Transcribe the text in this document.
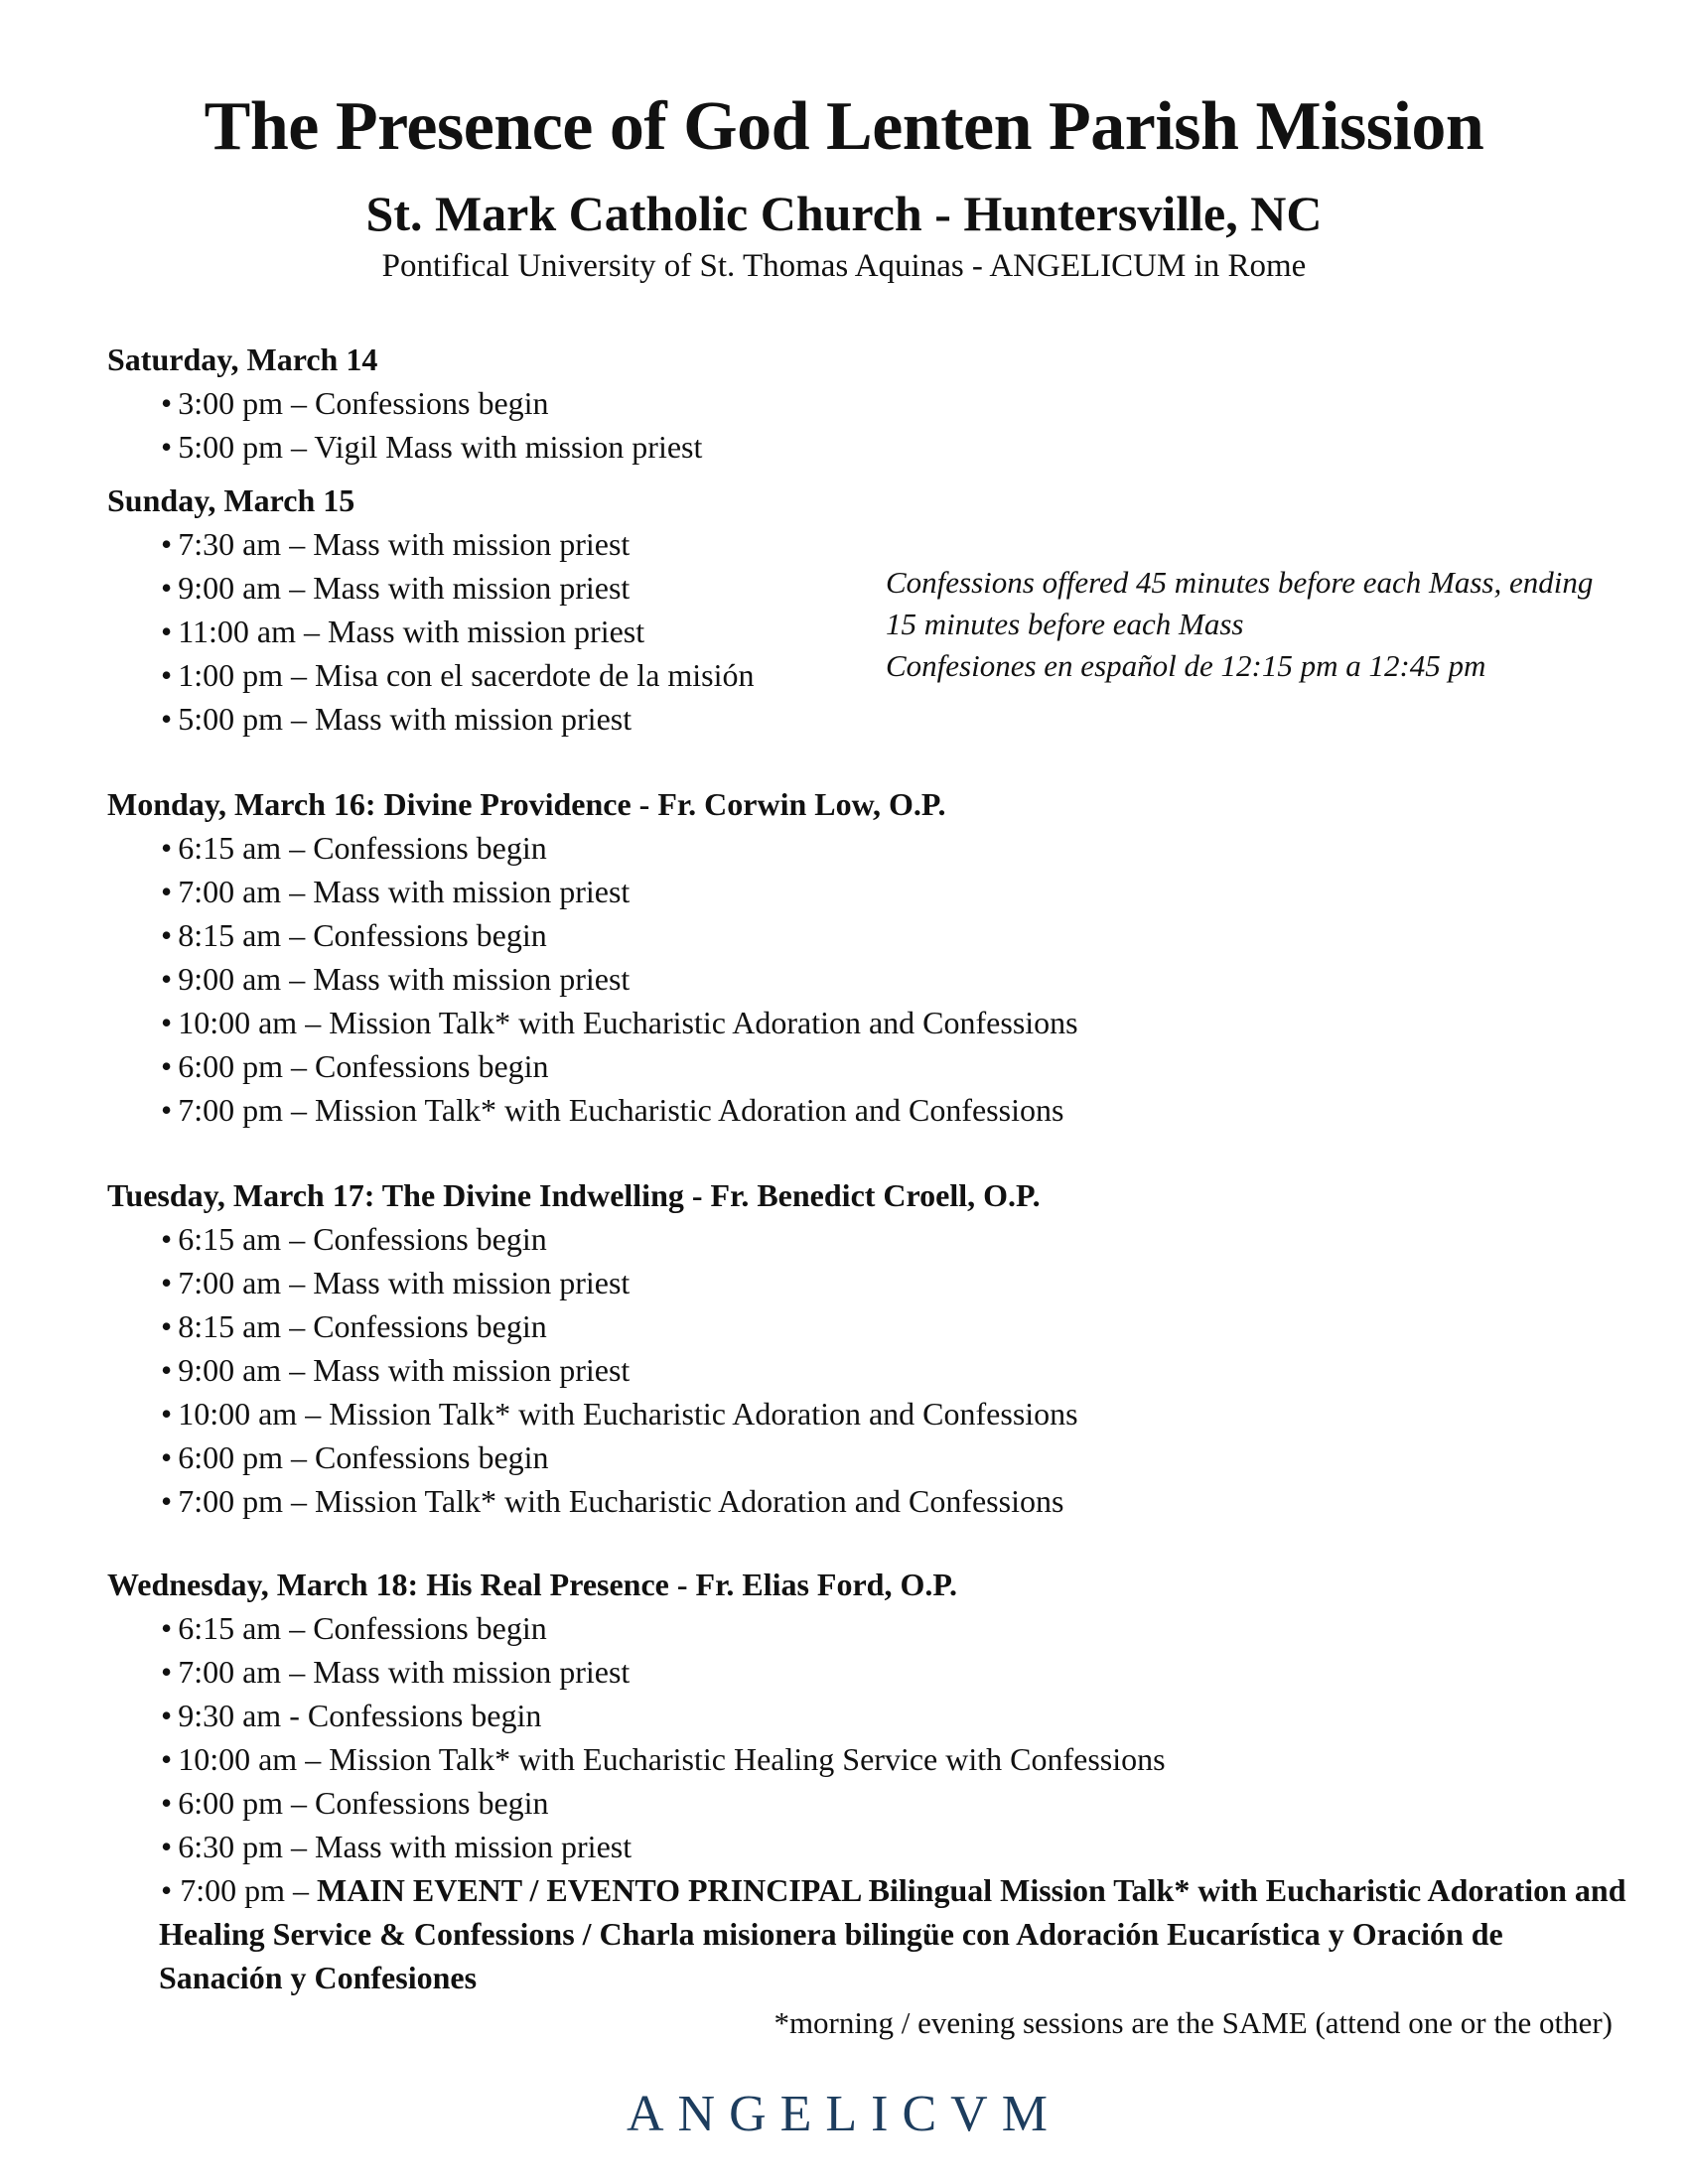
The Presence of God Lenten Parish Mission
St. Mark Catholic Church - Huntersville, NC
Pontifical University of St. Thomas Aquinas - ANGELICUM in Rome
Saturday, March 14
• 3:00 pm – Confessions begin
• 5:00 pm – Vigil Mass with mission priest
Sunday, March 15
• 7:30 am – Mass with mission priest
• 9:00 am – Mass with mission priest
• 11:00 am – Mass with mission priest
• 1:00 pm – Misa con el sacerdote de la misión
• 5:00 pm – Mass with mission priest
Monday, March 16: Divine Providence - Fr. Corwin Low, O.P.
• 6:15 am – Confessions begin
• 7:00 am – Mass with mission priest
• 8:15 am – Confessions begin
• 9:00 am – Mass with mission priest
• 10:00 am – Mission Talk* with Eucharistic Adoration and Confessions
• 6:00 pm – Confessions begin
• 7:00 pm – Mission Talk* with Eucharistic Adoration and Confessions
Tuesday, March 17: The Divine Indwelling - Fr. Benedict Croell, O.P.
• 6:15 am – Confessions begin
• 7:00 am – Mass with mission priest
• 8:15 am – Confessions begin
• 9:00 am – Mass with mission priest
• 10:00 am – Mission Talk* with Eucharistic Adoration and Confessions
• 6:00 pm – Confessions begin
• 7:00 pm – Mission Talk* with Eucharistic Adoration and Confessions
Wednesday, March 18: His Real Presence - Fr. Elias Ford, O.P.
• 6:15 am – Confessions begin
• 7:00 am – Mass with mission priest
• 9:30 am - Confessions begin
• 10:00 am – Mission Talk* with Eucharistic Healing Service with Confessions
• 6:00 pm – Confessions begin
• 6:30 pm – Mass with mission priest
• 7:00 pm – MAIN EVENT / EVENTO PRINCIPAL Bilingual Mission Talk* with Eucharistic Adoration and Healing Service & Confessions / Charla misionera bilingüe con Adoración Eucarística y Oración de Sanación y Confesiones
Confessions offered 45 minutes before each Mass, ending
15 minutes before each Mass
Confesiones en español de 12:15 pm a 12:45 pm
*morning / evening sessions are the SAME (attend one or the other)
ANGELICVM
